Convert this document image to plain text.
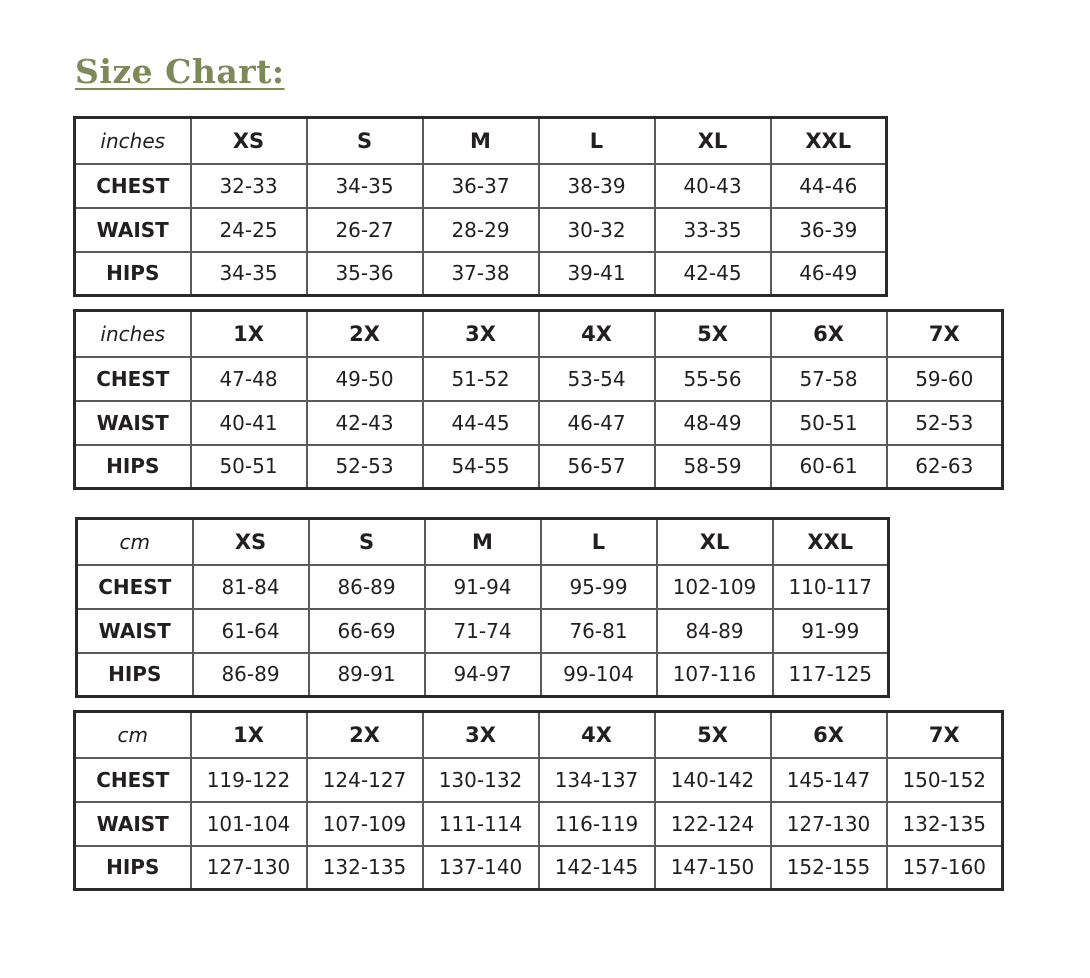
Size Chart:
inches	XS	S	M	L	XL	XXL
CHEST	32-33	34-35	36-37	38-39	40-43	44-46
WAIST	24-25	26-27	28-29	30-32	33-35	36-39
HIPS	34-35	35-36	37-38	39-41	42-45	46-49
inches	1X	2X	3X	4X	5X	6X	7X
CHEST	47-48	49-50	51-52	53-54	55-56	57-58	59-60
WAIST	40-41	42-43	44-45	46-47	48-49	50-51	52-53
HIPS	50-51	52-53	54-55	56-57	58-59	60-61	62-63
cm	XS	S	M	L	XL	XXL
CHEST	81-84	86-89	91-94	95-99	102-109	110-117
WAIST	61-64	66-69	71-74	76-81	84-89	91-99
HIPS	86-89	89-91	94-97	99-104	107-116	117-125
cm	1X	2X	3X	4X	5X	6X	7X
CHEST	119-122	124-127	130-132	134-137	140-142	145-147	150-152
WAIST	101-104	107-109	111-114	116-119	122-124	127-130	132-135
HIPS	127-130	132-135	137-140	142-145	147-150	152-155	157-160
